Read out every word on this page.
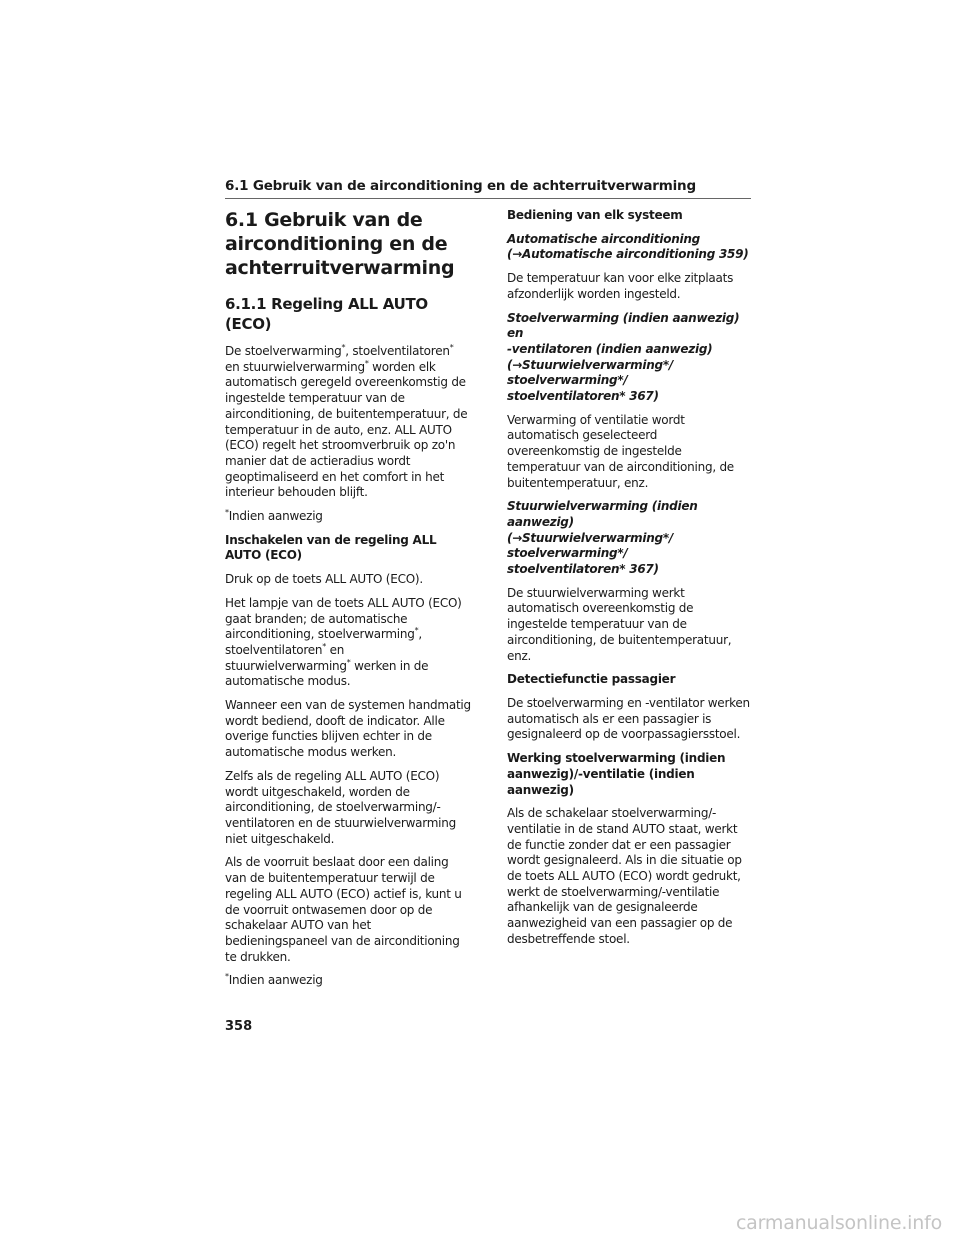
6.1 Gebruik van de airconditioning en de achterruitverwarming
6.1 Gebruik van de
airconditioning en de
achterruitverwarming
6.1.1 Regeling ALL AUTO (ECO)

De stoelverwarming*, stoelventilatoren*
en stuurwielverwarming* worden elk automatisch geregeld overeenkomstig de ingestelde temperatuur van de airconditioning, de buitentemperatuur, de temperatuur in de auto, enz. ALL AUTO (ECO) regelt het stroomverbruik op zo'n manier dat de actieradius wordt geoptimaliseerd en het comfort in het interieur behouden blijft.

*Indien aanwezig

Inschakelen van de regeling ALL AUTO (ECO)

Druk op de toets ALL AUTO (ECO).

Het lampje van de toets ALL AUTO (ECO) gaat branden; de automatische airconditioning, stoelverwarming*, stoelventilatoren* en stuurwielverwarming* werken in de automatische modus.

Wanneer een van de systemen handmatig wordt bediend, dooft de indicator. Alle overige functies blijven echter in de automatische modus werken.

Zelfs als de regeling ALL AUTO (ECO) wordt uitgeschakeld, worden de airconditioning, de stoelverwarming/-ventilatoren en de stuurwielverwarming niet uitgeschakeld.

Als de voorruit beslaat door een daling van de buitentemperatuur terwijl de regeling ALL AUTO (ECO) actief is, kunt u de voorruit ontwasemen door op de schakelaar AUTO van het bedieningspaneel van de airconditioning te drukken.

*Indien aanwezig

Bediening van elk systeem

Automatische airconditioning
(→Automatische airconditioning 359)

De temperatuur kan voor elke zitplaats afzonderlijk worden ingesteld.

Stoelverwarming (indien aanwezig) en
-ventilatoren (indien aanwezig)
(→Stuurwielverwarming*/
stoelverwarming*/
stoelventilatoren* 367)

Verwarming of ventilatie wordt automatisch geselecteerd overeenkomstig de ingestelde temperatuur van de airconditioning, de buitentemperatuur, enz.

Stuurwielverwarming (indien aanwezig)
(→Stuurwielverwarming*/
stoelverwarming*/
stoelventilatoren* 367)

De stuurwielverwarming werkt automatisch overeenkomstig de ingestelde temperatuur van de airconditioning, de buitentemperatuur, enz.

Detectiefunctie passagier

De stoelverwarming en -ventilator werken automatisch als er een passagier is gesignaleerd op de voorpassagiersstoel.

Werking stoelverwarming (indien aanwezig)/-ventilatie (indien aanwezig)

Als de schakelaar stoelverwarming/-ventilatie in de stand AUTO staat, werkt de functie zonder dat er een passagier wordt gesignaleerd. Als in die situatie op de toets ALL AUTO (ECO) wordt gedrukt, werkt de stoelverwarming/-ventilatie afhankelijk van de gesignaleerde aanwezigheid van een passagier op de desbetreffende stoel.

358
carmanualsonline.info
